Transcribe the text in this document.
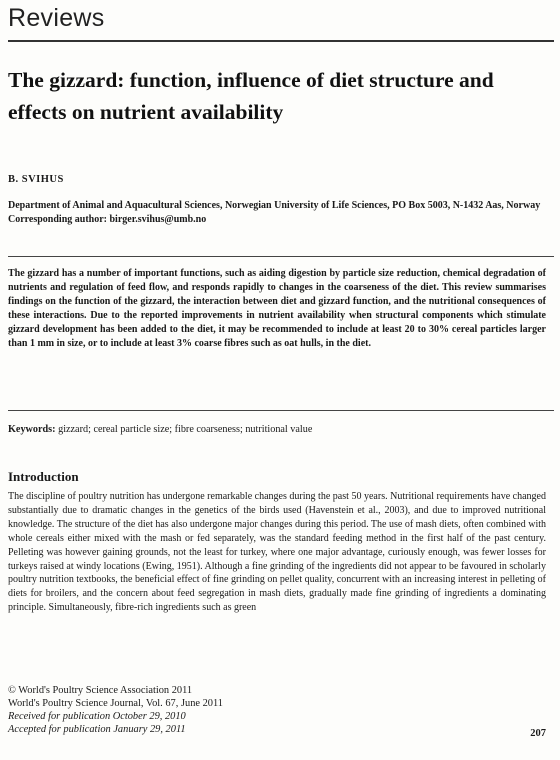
Reviews
The gizzard: function, influence of diet structure and effects on nutrient availability
B. SVIHUS
Department of Animal and Aquacultural Sciences, Norwegian University of Life Sciences, PO Box 5003, N-1432 Aas, Norway
Corresponding author: birger.svihus@umb.no
The gizzard has a number of important functions, such as aiding digestion by particle size reduction, chemical degradation of nutrients and regulation of feed flow, and responds rapidly to changes in the coarseness of the diet. This review summarises findings on the function of the gizzard, the interaction between diet and gizzard function, and the nutritional consequences of these interactions. Due to the reported improvements in nutrient availability when structural components which stimulate gizzard development has been added to the diet, it may be recommended to include at least 20 to 30% cereal particles larger than 1 mm in size, or to include at least 3% coarse fibres such as oat hulls, in the diet.
Keywords: gizzard; cereal particle size; fibre coarseness; nutritional value
Introduction
The discipline of poultry nutrition has undergone remarkable changes during the past 50 years. Nutritional requirements have changed substantially due to dramatic changes in the genetics of the birds used (Havenstein et al., 2003), and due to improved nutritional knowledge. The structure of the diet has also undergone major changes during this period. The use of mash diets, often combined with whole cereals either mixed with the mash or fed separately, was the standard feeding method in the first half of the past century. Pelleting was however gaining grounds, not the least for turkey, where one major advantage, curiously enough, was fewer losses for turkeys raised at windy locations (Ewing, 1951). Although a fine grinding of the ingredients did not appear to be favoured in scholarly poultry nutrition textbooks, the beneficial effect of fine grinding on pellet quality, concurrent with an increasing interest in pelleting of diets for broilers, and the concern about feed segregation in mash diets, gradually made fine grinding of ingredients a dominating principle. Simultaneously, fibre-rich ingredients such as green
© World's Poultry Science Association 2011
World's Poultry Science Journal, Vol. 67, June 2011
Received for publication October 29, 2010
Accepted for publication January 29, 2011	207
